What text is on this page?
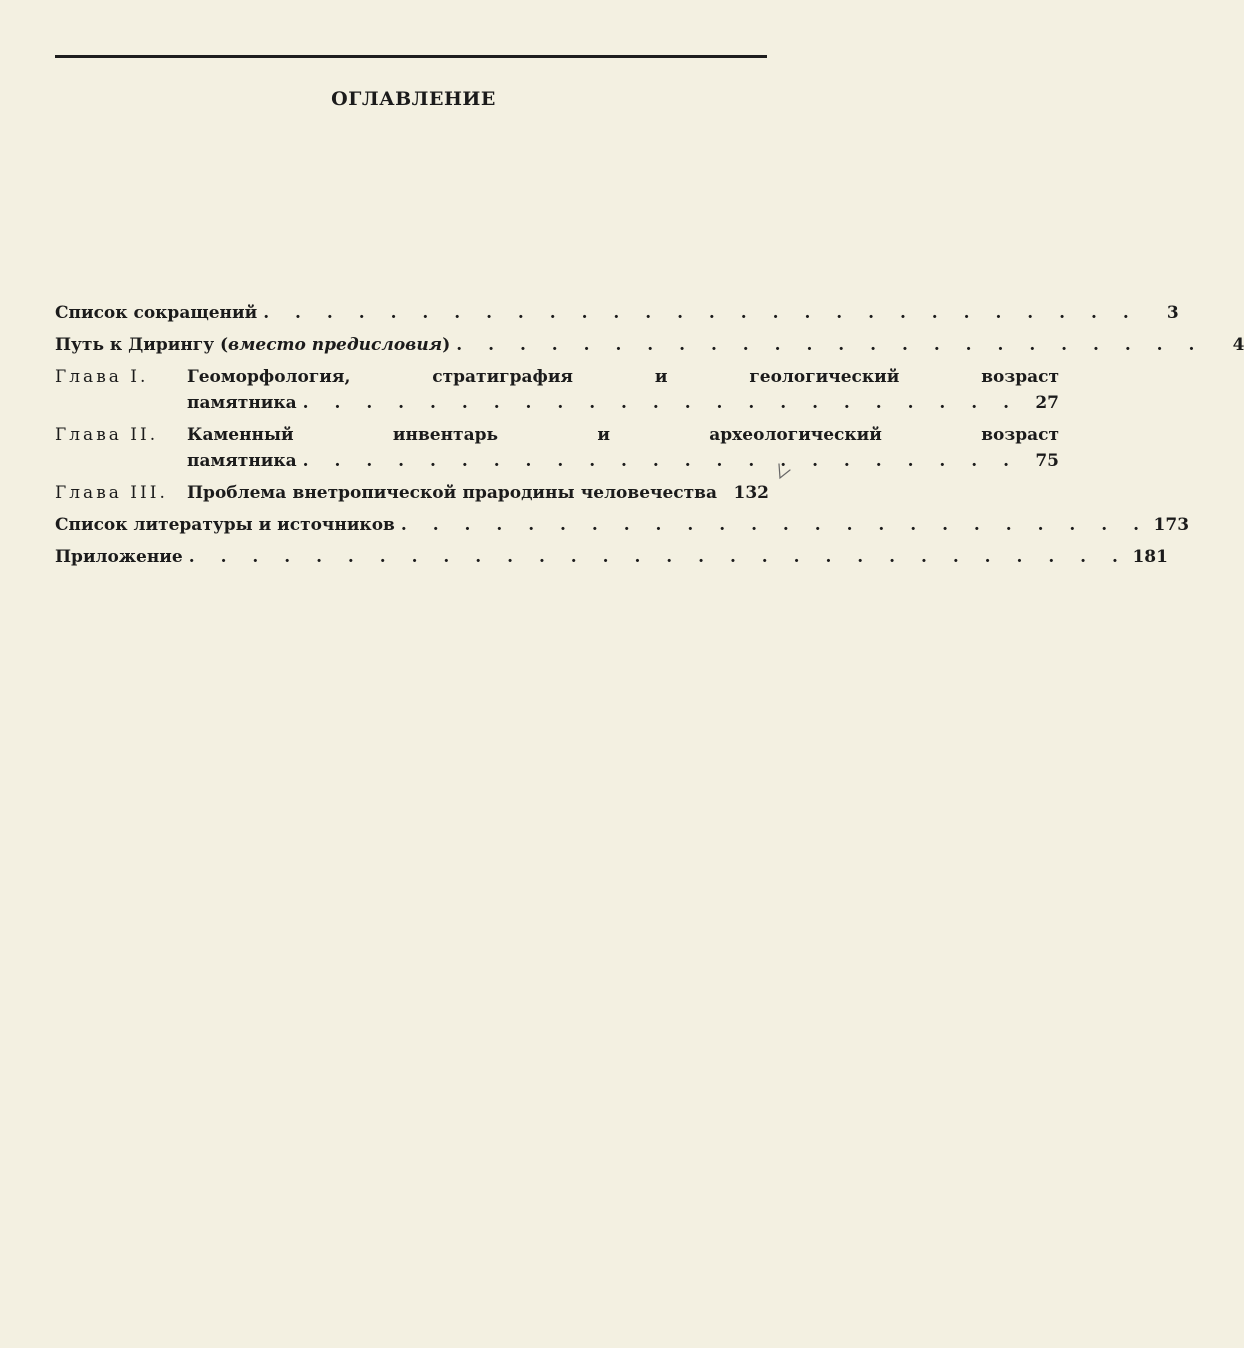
ОГЛАВЛЕНИЕ
Список сокращений . . . . . . . . . . . . . . . . . . . . . . . . . . . .	3
Путь к Дирингу (вместо предисловия) . . . . . . . . . . . . . . . . . . . . . . . .	4
Глава I.	Геоморфология, стратиграфия и геологический возраст
памятника . . . . . . . . . . . . . . . . . . . . . . . 27
Глава II.	Каменный инвентарь и археологический возраст
памятника . . . . . . . . . . . . . . . . . . . . . . . 75
Глава III.	Проблема внетропической прародины человечества 132
Список литературы и источников . . . . . . . . . . . . . . . . . . . . . . . . 173
Приложение . . . . . . . . . . . . . . . . . . . . . . . . . . . . . . 181
